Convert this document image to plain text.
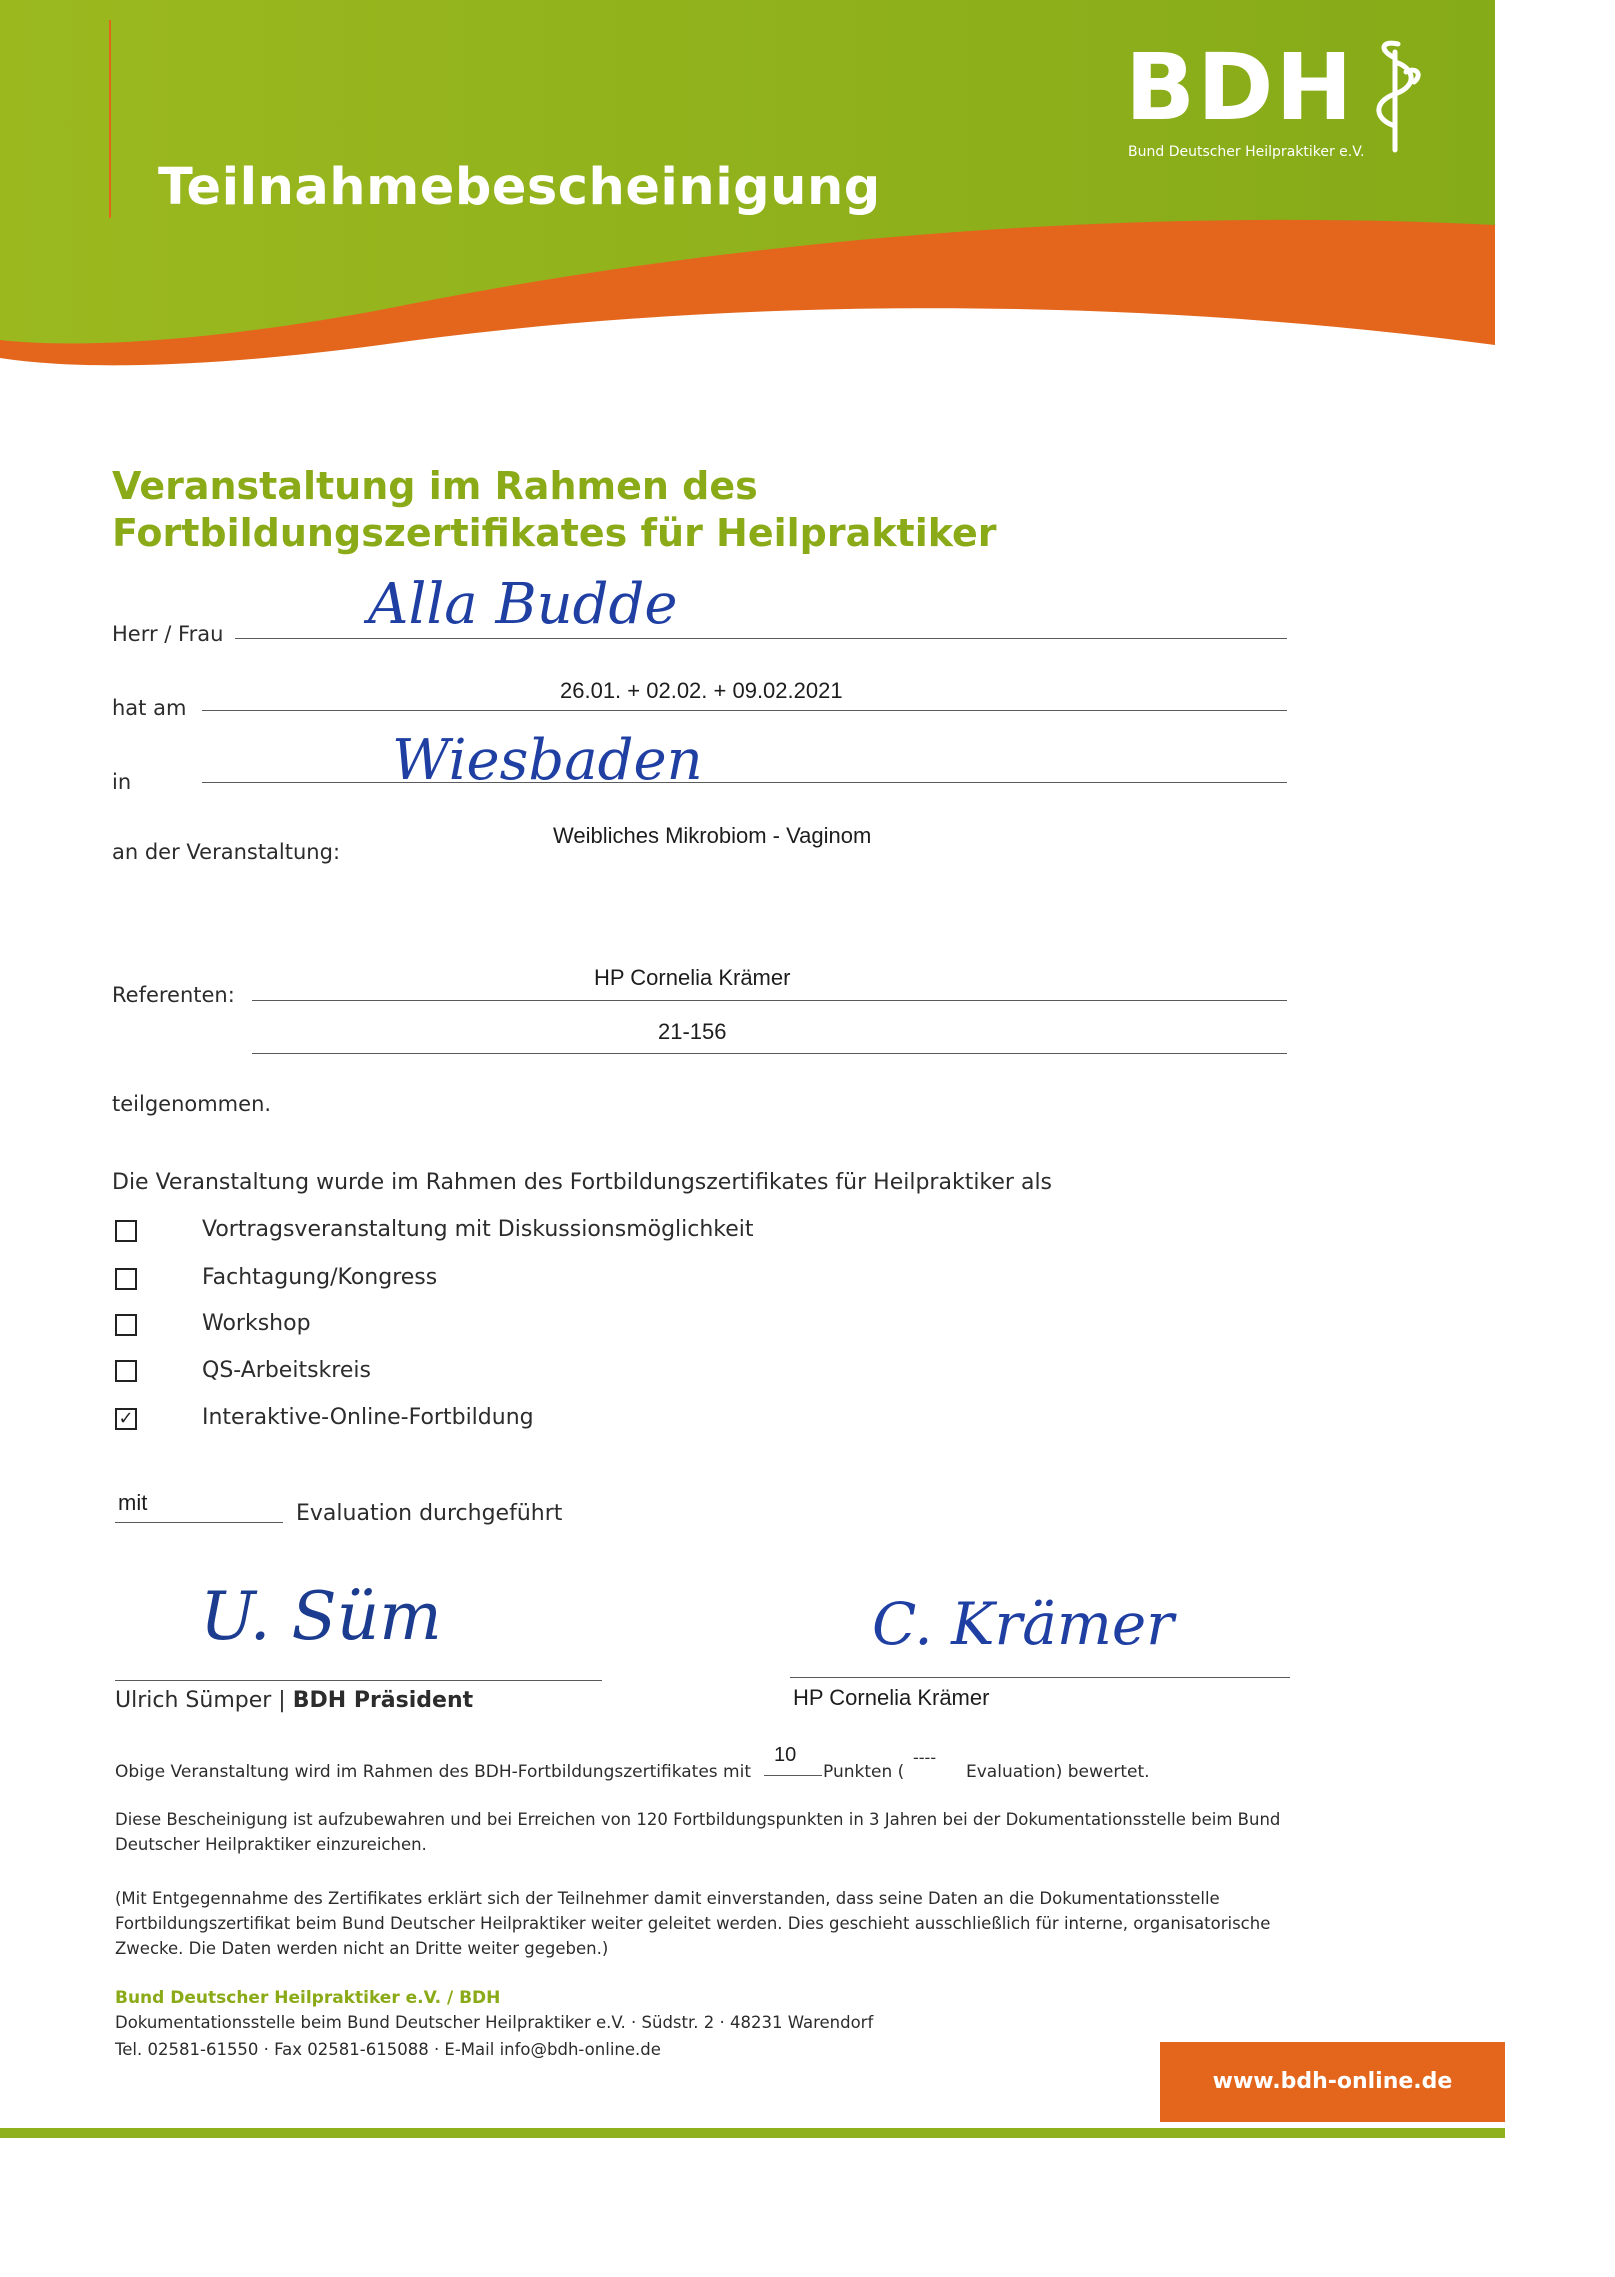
Teilnahmebescheinigung
BDH
Bund Deutscher Heilpraktiker e.V.
Veranstaltung im Rahmen des
Fortbildungszertifikates für Heilpraktiker
Herr / Frau	Alla Budde
hat am
26.01. + 02.02. + 09.02.2021
in	Wiesbaden
an der Veranstaltung:
Weibliches Mikrobiom - Vaginom
Referenten:
HP Cornelia Krämer
21-156
teilgenommen.
Die Veranstaltung wurde im Rahmen des Fortbildungszertifikates für Heilpraktiker als
Vortragsveranstaltung mit Diskussionsmöglichkeit
Fachtagung/Kongress
Workshop
QS-Arbeitskreis
✓	Interaktive-Online-Fortbildung
mit	Evaluation durchgeführt
U. Süm
Ulrich Sümper | BDH Präsident
C. Krämer
HP Cornelia Krämer
Obige Veranstaltung wird im Rahmen des BDH-Fortbildungszertifikates mit
10
Punkten (
----
Evaluation) bewertet.
Diese Bescheinigung ist aufzubewahren und bei Erreichen von 120 Fortbildungspunkten in 3 Jahren bei der Dokumentationsstelle beim Bund Deutscher Heilpraktiker einzureichen.
(Mit Entgegennahme des Zertifikates erklärt sich der Teilnehmer damit einverstanden, dass seine Daten an die Dokumentationsstelle Fortbildungszertifikat beim Bund Deutscher Heilpraktiker weiter geleitet werden. Dies geschieht ausschließlich für interne, organisatorische Zwecke. Die Daten werden nicht an Dritte weiter gegeben.)
Bund Deutscher Heilpraktiker e.V. / BDH
Dokumentationsstelle beim Bund Deutscher Heilpraktiker e.V. · Südstr. 2 · 48231 Warendorf
Tel. 02581-61550 · Fax 02581-615088 · E-Mail info@bdh-online.de
www.bdh-online.de
